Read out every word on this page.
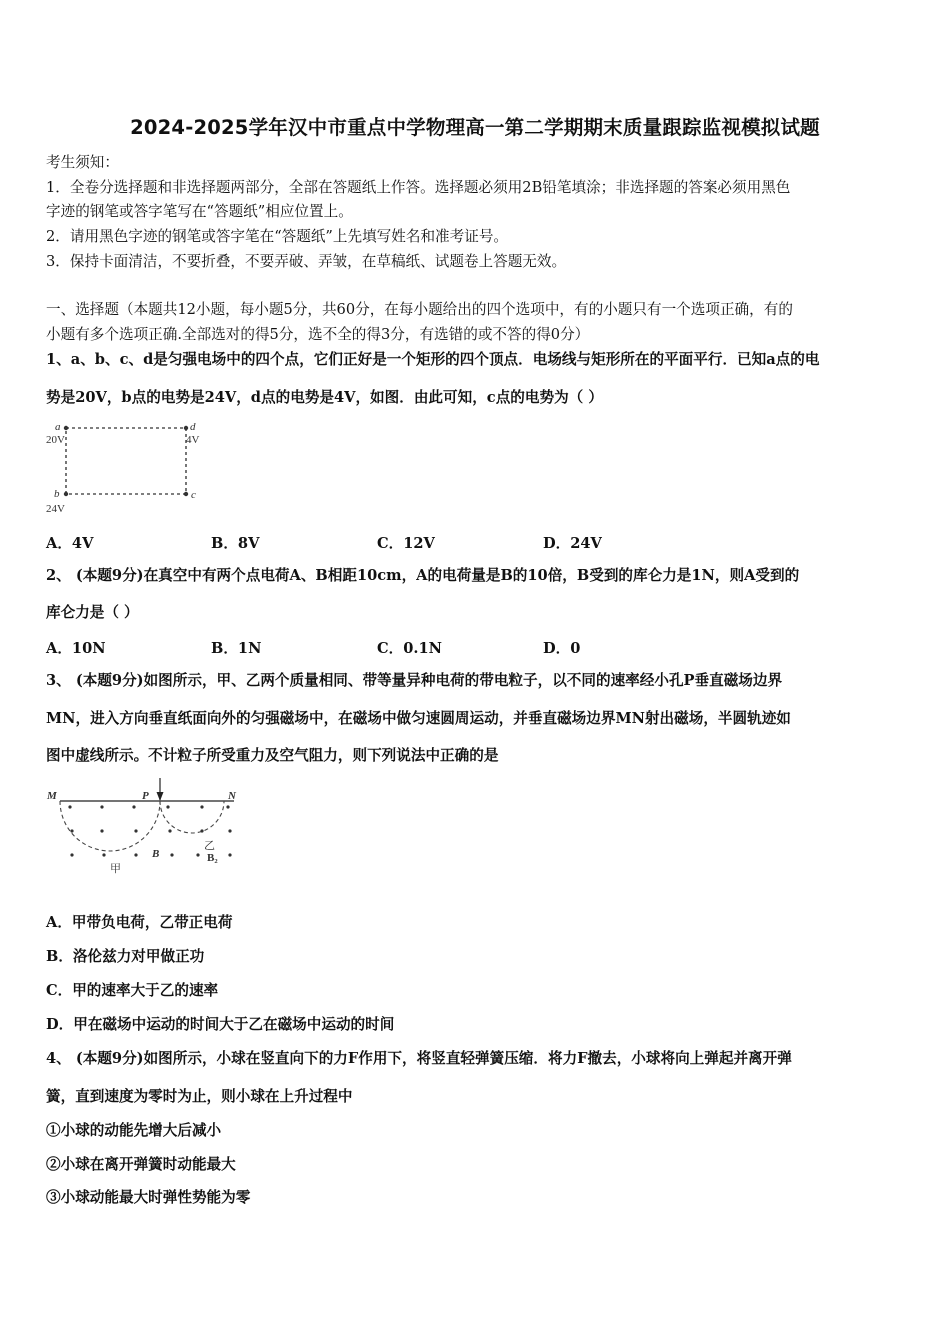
2024-2025学年汉中市重点中学物理高一第二学期期末质量跟踪监视模拟试题
考生须知：
1．全卷分选择题和非选择题两部分，全部在答题纸上作答。选择题必须用2B铅笔填涂；非选择题的答案必须用黑色
字迹的钢笔或答字笔写在“答题纸”相应位置上。
2．请用黑色字迹的钢笔或答字笔在“答题纸”上先填写姓名和准考证号。
3．保持卡面清洁，不要折叠，不要弄破、弄皱，在草稿纸、试题卷上答题无效。
一、选择题（本题共12小题，每小题5分，共60分，在每小题给出的四个选项中，有的小题只有一个选项正确，有的
小题有多个选项正确.全部选对的得5分，选不全的得3分，有选错的或不答的得0分）
1、a、b、c、d是匀强电场中的四个点，它们正好是一个矩形的四个顶点．电场线与矩形所在的平面平行．已知a点的电
势是20V，b点的电势是24V，d点的电势是4V，如图．由此可知，c点的电势为（ ）
a
20V
d
4V
b
24V
c
A．4V	B．8V	C．12V	D．24V
2、 (本题9分)在真空中有两个点电荷A、B相距10cm，A的电荷量是B的10倍，B受到的库仑力是1N，则A受到的
库仑力是（ ）
A．10N	B．1N	C．0.1N	D．0
3、 (本题9分)如图所示，甲、乙两个质量相同、带等量异种电荷的带电粒子，以不同的速率经小孔P垂直磁场边界
MN，进入方向垂直纸面向外的匀强磁场中，在磁场中做匀速圆周运动，并垂直磁场边界MN射出磁场，半圆轨迹如
图中虚线所示。不计粒子所受重力及空气阻力，则下列说法中正确的是
M	P	N
B
甲
乙
B₂
A．甲带负电荷，乙带正电荷
B．洛伦兹力对甲做正功
C．甲的速率大于乙的速率
D．甲在磁场中运动的时间大于乙在磁场中运动的时间
4、 (本题9分)如图所示，小球在竖直向下的力F作用下，将竖直轻弹簧压缩．将力F撤去，小球将向上弹起并离开弹
簧，直到速度为零时为止，则小球在上升过程中
①小球的动能先增大后减小
②小球在离开弹簧时动能最大
③小球动能最大时弹性势能为零
